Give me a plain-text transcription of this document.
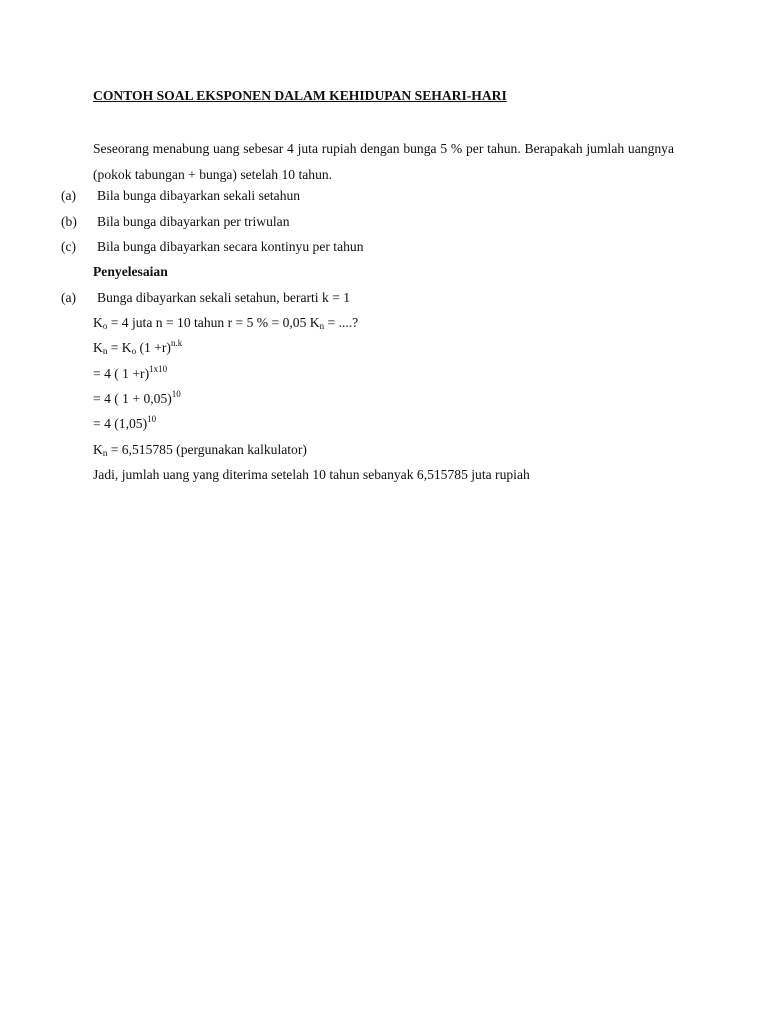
CONTOH SOAL EKSPONEN DALAM KEHIDUPAN SEHARI-HARI
Seseorang menabung uang sebesar 4 juta rupiah dengan bunga 5 % per tahun. Berapakah jumlah uangnya (pokok tabungan + bunga) setelah 10 tahun.
(a) Bila bunga dibayarkan sekali setahun
(b) Bila bunga dibayarkan per triwulan
(c) Bila bunga dibayarkan secara kontinyu per tahun
Penyelesaian
(a) Bunga dibayarkan sekali setahun, berarti k = 1
$K_o = 4$ juta n = 10 tahun r = 5 % = 0,05 $K_n$ = ....?
$K_n = K_o$ $(1 +r)^{n.k}$
= 4 ( 1 +r)$^{1x10}$
= 4 ( 1 + 0,05)$^{10}$
= 4 $(1,05)^{10}$
$K_n = 6,515785$ (pergunakan kalkulator)
Jadi, jumlah uang yang diterima setelah 10 tahun sebanyak 6,515785 juta rupiah
